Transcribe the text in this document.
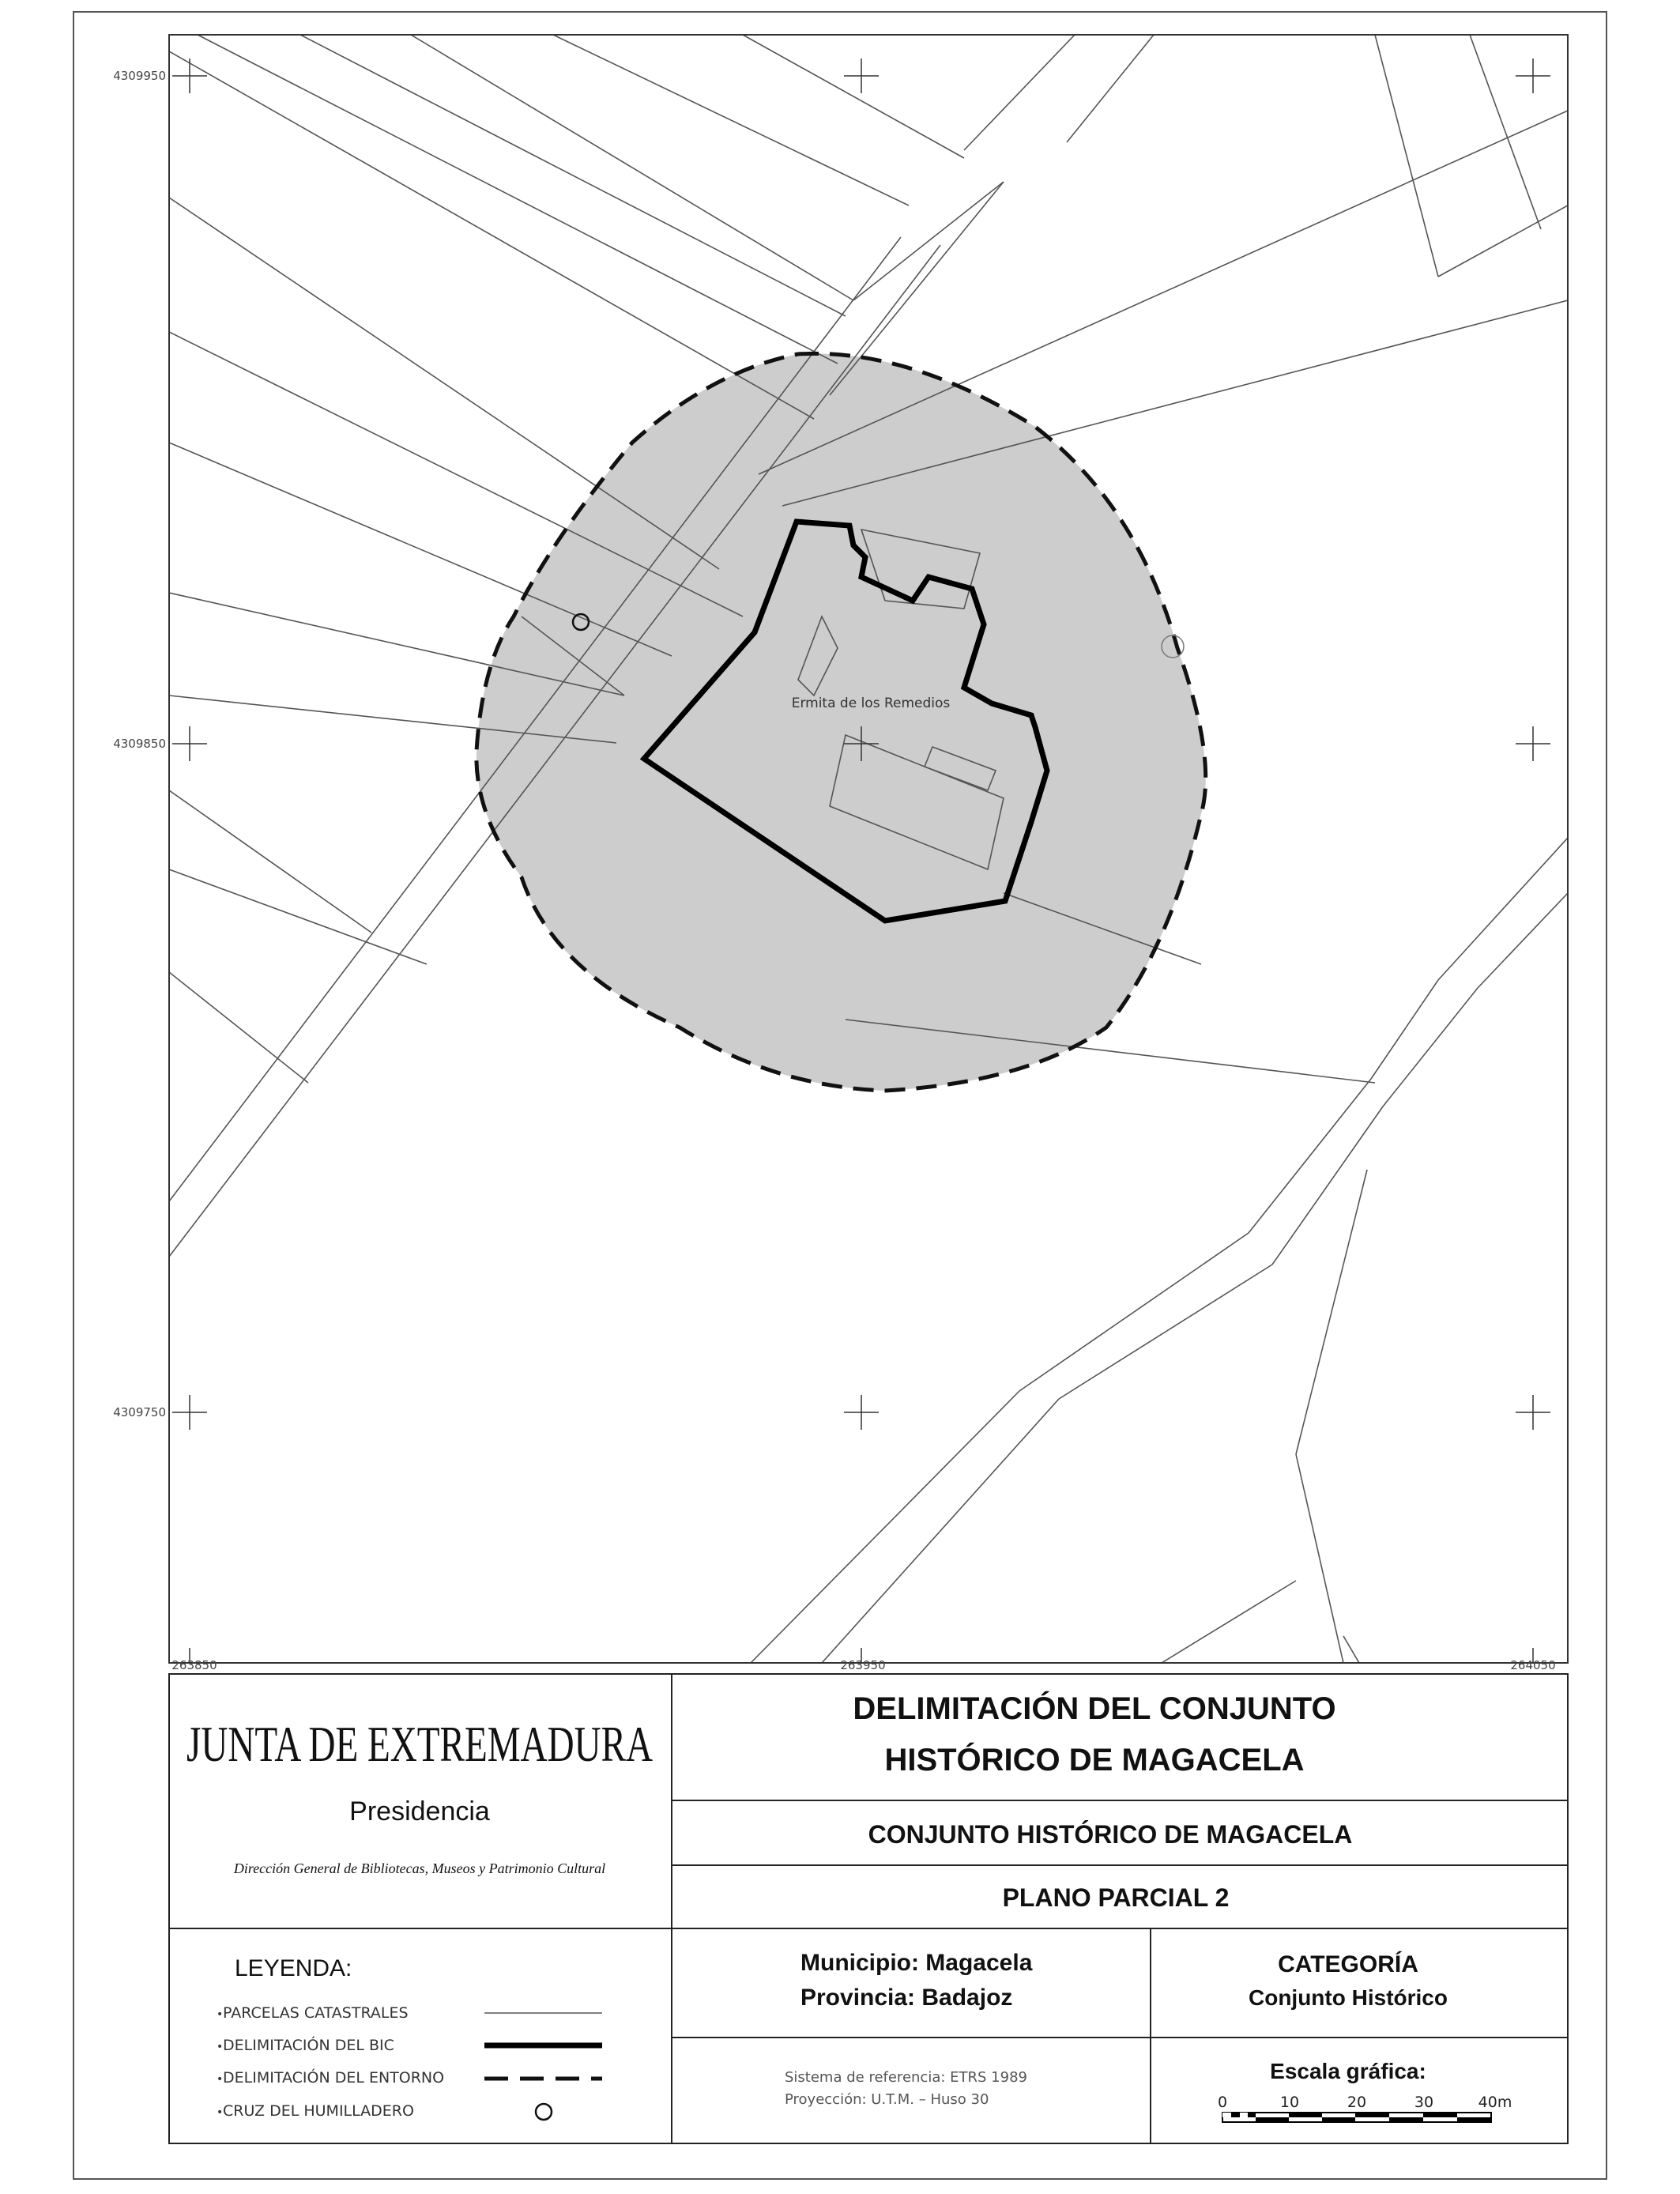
Ermita de los Remedios
4309950
4309850
4309750
263850	263950	264050
JUNTA DE EXTREMADURA
Presidencia
Dirección General de Bibliotecas, Museos y Patrimonio Cultural
DELIMITACIÓN DEL CONJUNTO
HISTÓRICO DE MAGACELA
CONJUNTO HISTÓRICO DE MAGACELA
PLANO PARCIAL 2
LEYENDA:
PARCELAS CATASTRALES
DELIMITACIÓN DEL BIC
DELIMITACIÓN DEL ENTORNO
CRUZ DEL HUMILLADERO
•
•
•
•
Municipio: Magacela
Provincia: Badajoz
CATEGORÍA
Conjunto Histórico
Sistema de referencia: ETRS 1989
Proyección: U.T.M. – Huso 30
Escala gráfica:
0	10	20	30	40m
